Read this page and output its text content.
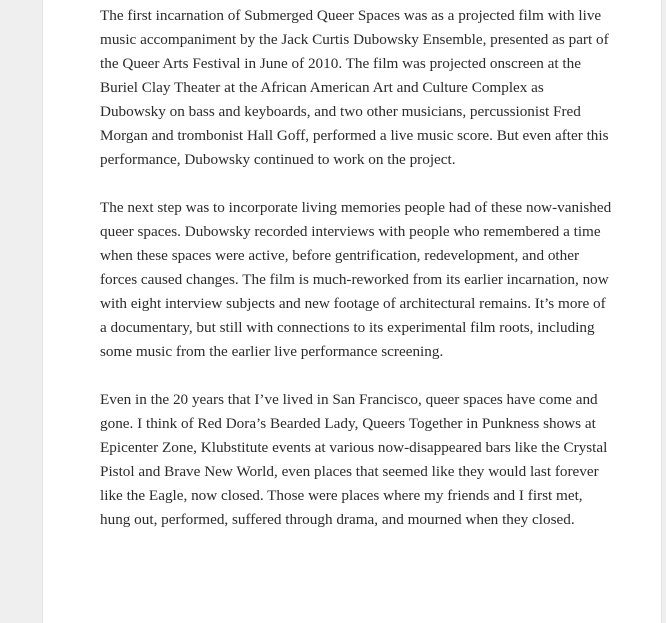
The first incarnation of Submerged Queer Spaces was as a projected film with live music accompaniment by the Jack Curtis Dubowsky Ensemble, presented as part of the Queer Arts Festival in June of 2010. The film was projected onscreen at the Buriel Clay Theater at the African American Art and Culture Complex as Dubowsky on bass and keyboards, and two other musicians, percussionist Fred Morgan and trombonist Hall Goff, performed a live music score. But even after this performance, Dubowsky continued to work on the project.

The next step was to incorporate living memories people had of these now-vanished queer spaces. Dubowsky recorded interviews with people who remembered a time when these spaces were active, before gentrification, redevelopment, and other forces caused changes. The film is much-reworked from its earlier incarnation, now with eight interview subjects and new footage of architectural remains. It’s more of a documentary, but still with connections to its experimental film roots, including some music from the earlier live performance screening.

Even in the 20 years that I’ve lived in San Francisco, queer spaces have come and gone. I think of Red Dora’s Bearded Lady, Queers Together in Punkness shows at Epicenter Zone, Klubstitute events at various now-disappeared bars like the Crystal Pistol and Brave New World, even places that seemed like they would last forever like the Eagle, now closed. Those were places where my friends and I first met, hung out, performed, suffered through drama, and mourned when they closed.
